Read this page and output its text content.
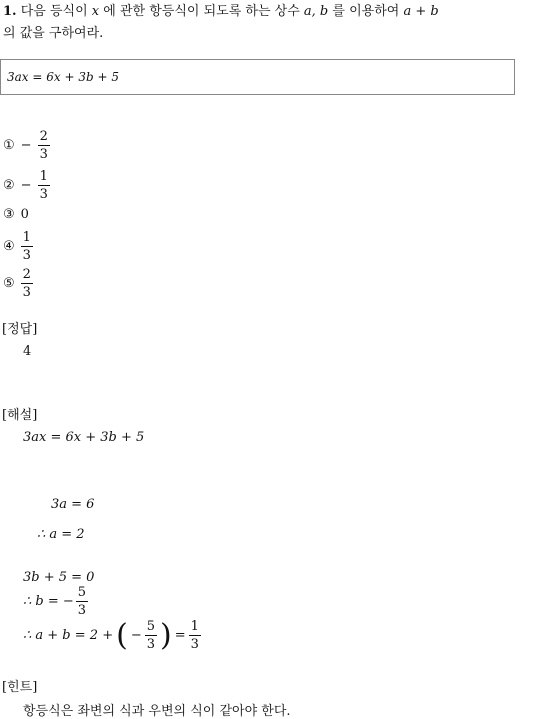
1. 다음 등식이 x 에 관한 항등식이 되도록 하는 상수 a, b 를 이용하여 a + b
의 값을 구하여라.
3ax = 6x + 3b + 5
① − $\frac{2}{3}$
② − $\frac{1}{3}$
③ 0
④ $\frac{1}{3}$
⑤ $\frac{2}{3}$
[정답]
4
[해설]
3ax = 6x + 3b + 5
3a = 6
∴ a = 2
3b + 5 = 0
∴ b = − $\frac{5}{3}$
∴ a + b = 2 + ( − $\frac{5}{3}$ ) = $\frac{1}{3}$
[힌트]
항등식은 좌변의 식과 우변의 식이 같아야 한다.
